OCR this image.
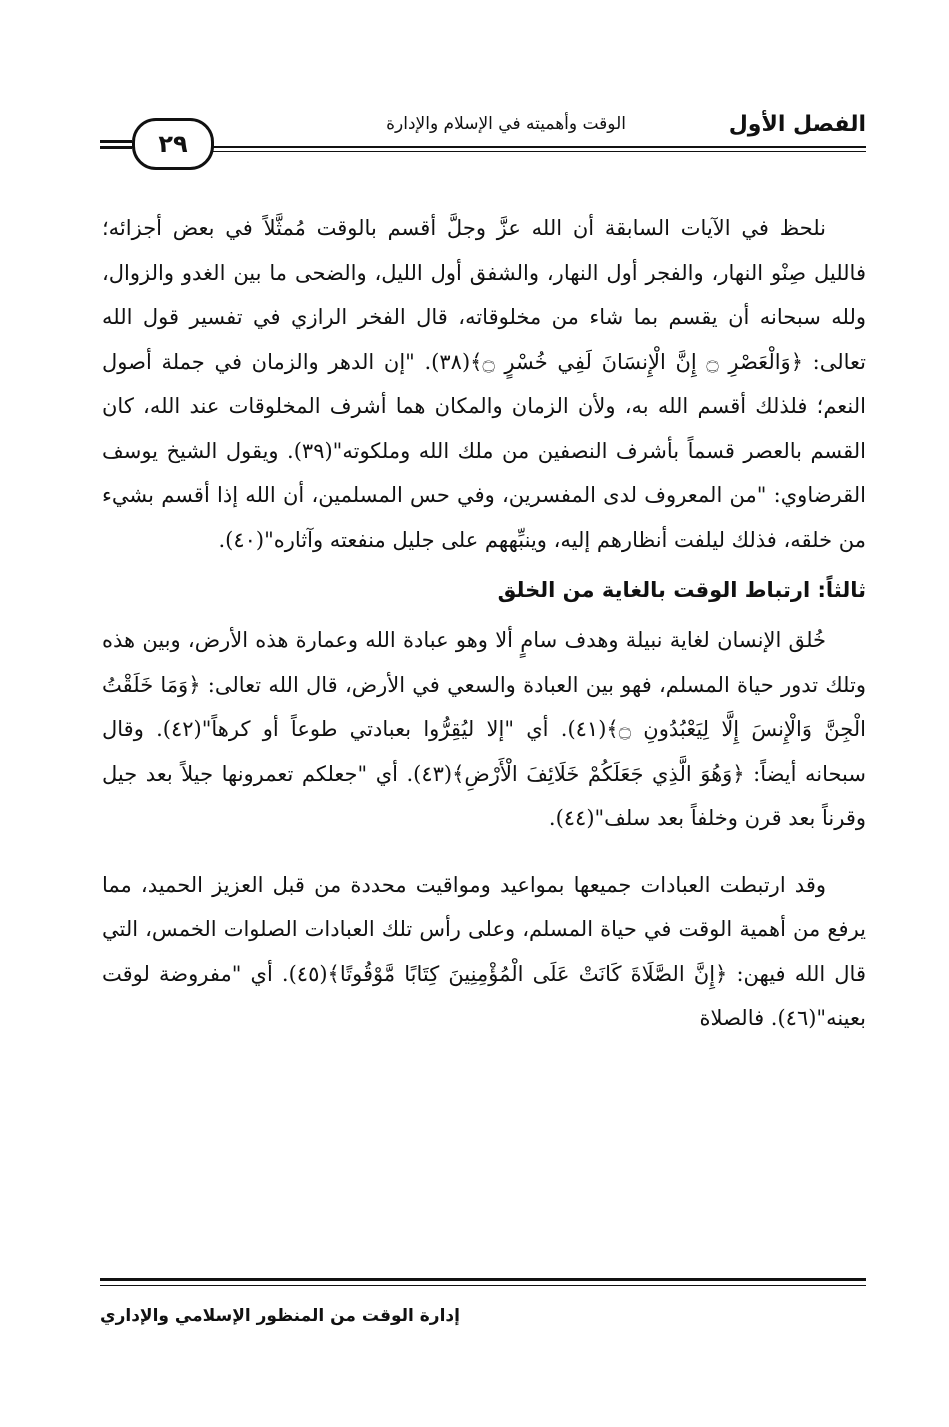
الفصل الأول
الوقت وأهميته في الإسلام والإدارة
٢٩

نلحظ في الآيات السابقة أن الله عزَّ وجلَّ أقسم بالوقت مُمثَّلاً في بعض أجزائه؛ فالليل صِنْو النهار، والفجر أول النهار، والشفق أول الليل، والضحى ما بين الغدو والزوال، ولله سبحانه أن يقسم بما شاء من مخلوقاته، قال الفخر الرازي في تفسير قول الله تعالى: ﴿وَالْعَصْرِ ۝ إِنَّ الْإِنسَانَ لَفِي خُسْرٍ ۝﴾(٣٨). "إن الدهر والزمان في جملة أصول النعم؛ فلذلك أقسم الله به، ولأن الزمان والمكان هما أشرف المخلوقات عند الله، كان القسم بالعصر قسماً بأشرف النصفين من ملك الله وملكوته"(٣٩). ويقول الشيخ يوسف القرضاوي: "من المعروف لدى المفسرين، وفي حس المسلمين، أن الله إذا أقسم بشيء من خلقه، فذلك ليلفت أنظارهم إليه، وينبِّههم على جليل منفعته وآثاره"(٤٠).

ثالثاً: ارتباط الوقت بالغاية من الخلق

خُلق الإنسان لغاية نبيلة وهدف سامٍ ألا وهو عبادة الله وعمارة هذه الأرض، وبين هذه وتلك تدور حياة المسلم، فهو بين العبادة والسعي في الأرض، قال الله تعالى: ﴿وَمَا خَلَقْتُ الْجِنَّ وَالْإِنسَ إِلَّا لِيَعْبُدُونِ ۝﴾(٤١). أي "إلا ليُقِرُّوا بعبادتي طوعاً أو كرهاً"(٤٢). وقال سبحانه أيضاً: ﴿وَهُوَ الَّذِي جَعَلَكُمْ خَلَائِفَ الْأَرْضِ﴾(٤٣). أي "جعلكم تعمرونها جيلاً بعد جيل وقرناً بعد قرن وخلفاً بعد سلف"(٤٤).

وقد ارتبطت العبادات جميعها بمواعيد ومواقيت محددة من قبل العزيز الحميد، مما يرفع من أهمية الوقت في حياة المسلم، وعلى رأس تلك العبادات الصلوات الخمس، التي قال الله فيهن: ﴿إِنَّ الصَّلَاةَ كَانَتْ عَلَى الْمُؤْمِنِينَ كِتَابًا مَّوْقُوتًا﴾(٤٥). أي "مفروضة لوقت بعينه"(٤٦). فالصلاة

إدارة الوقت من المنظور الإسلامي والإداري
